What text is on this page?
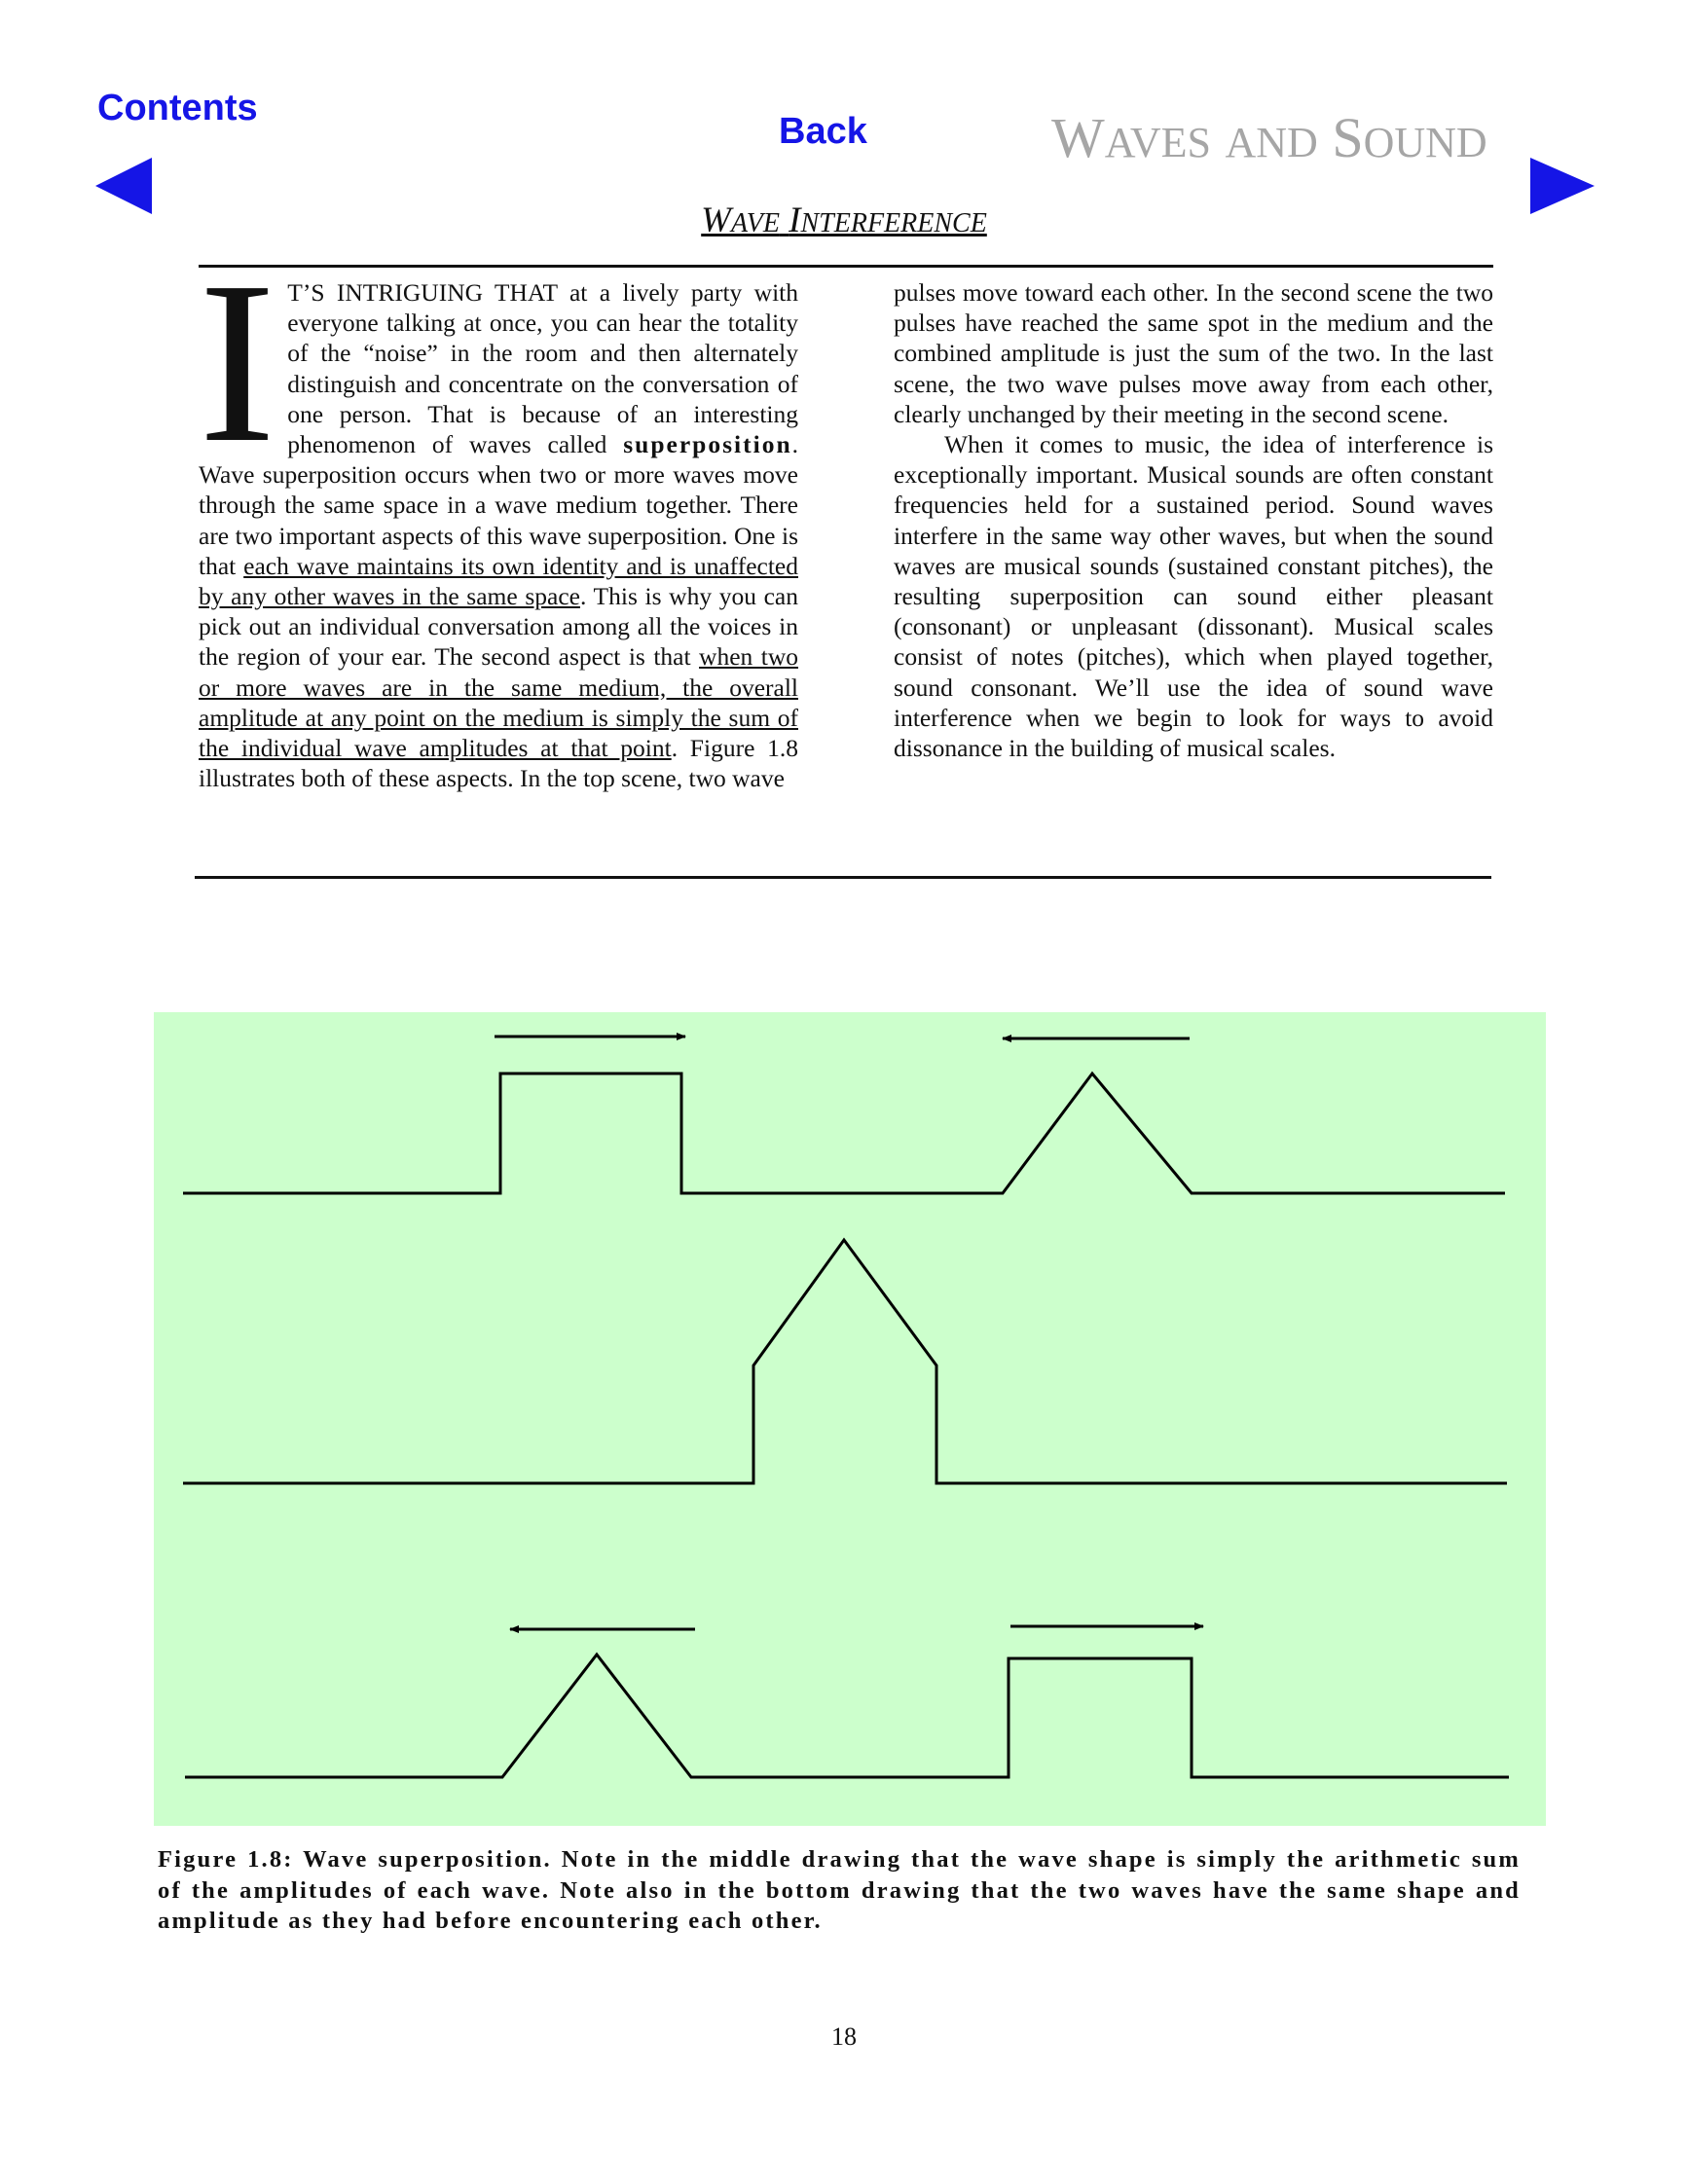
Contents
Back	WAVES AND SOUND
WAVE INTERFERENCE
I T’S INTRIGUING THAT at a lively party with everyone talking at once, you can hear the totality of the “noise” in the room and then alternately distinguish and concentrate on the conversation of one person. That is because of an interesting phenomenon of waves called superposition. Wave superposition occurs when two or more waves move through the same space in a wave medium together. There are two important aspects of this wave superposition. One is that each wave maintains its own identity and is unaffected by any other waves in the same space. This is why you can pick out an individual conversation among all the voices in the region of your ear. The second aspect is that when two or more waves are in the same medium, the overall amplitude at any point on the medium is simply the sum of the individual wave amplitudes at that point. Figure 1.8 illustrates both of these aspects. In the top scene, two wave

pulses move toward each other. In the second scene the two pulses have reached the same spot in the medium and the combined amplitude is just the sum of the two. In the last scene, the two wave pulses move away from each other, clearly unchanged by their meeting in the second scene.

When it comes to music, the idea of interference is exceptionally important. Musical sounds are often constant frequencies held for a sustained period. Sound waves interfere in the same way other waves, but when the sound waves are musical sounds (sustained constant pitches), the resulting superposition can sound either pleasant (consonant) or unpleasant (dissonant). Musical scales consist of notes (pitches), which when played together, sound consonant. We’ll use the idea of sound wave interference when we begin to look for ways to avoid dissonance in the building of musical scales.

Figure 1.8: Wave superposition. Note in the middle drawing that the wave shape is simply the arithmetic sum of the amplitudes of each wave. Note also in the bottom drawing that the two waves have the same shape and amplitude as they had before encountering each other.
18
